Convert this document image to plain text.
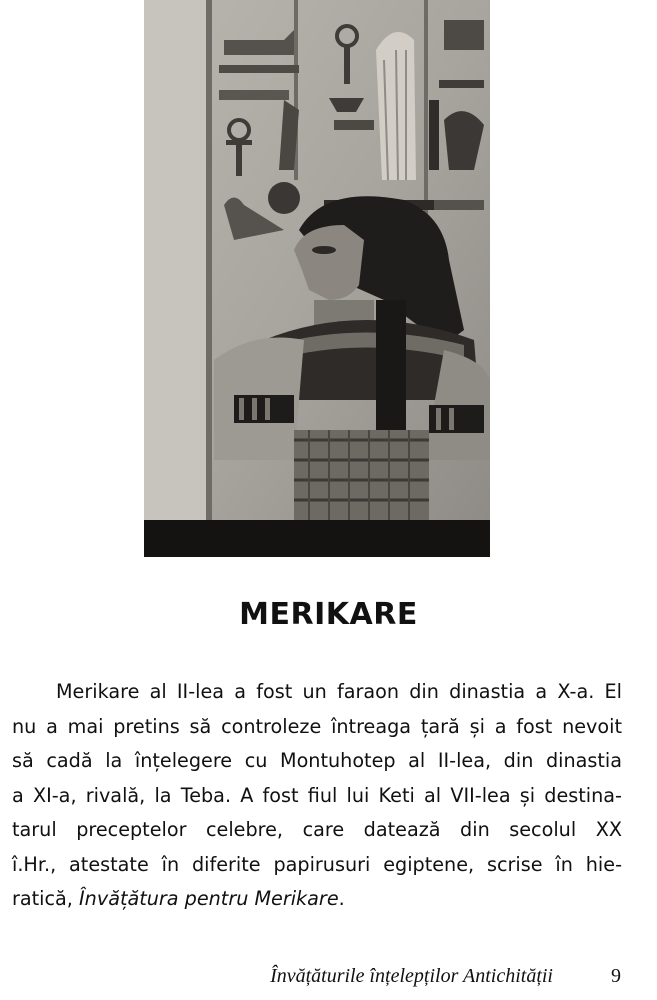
MERIKARE
Merikare al II-lea a fost un faraon din dinastia a X-a. El
nu a mai pretins să controleze întreaga țară și a fost nevoit
să cadă la înțelegere cu Montuhotep al II-lea, din dinastia
a XI-a, rivală, la Teba. A fost fiul lui Keti al VII-lea și destina-
tarul preceptelor celebre, care datează din secolul XX
î.Hr., atestate în diferite papirusuri egiptene, scrise în hie-
ratică, Învățătura pentru Merikare.
Învățăturile înțelepților Antichității	9
